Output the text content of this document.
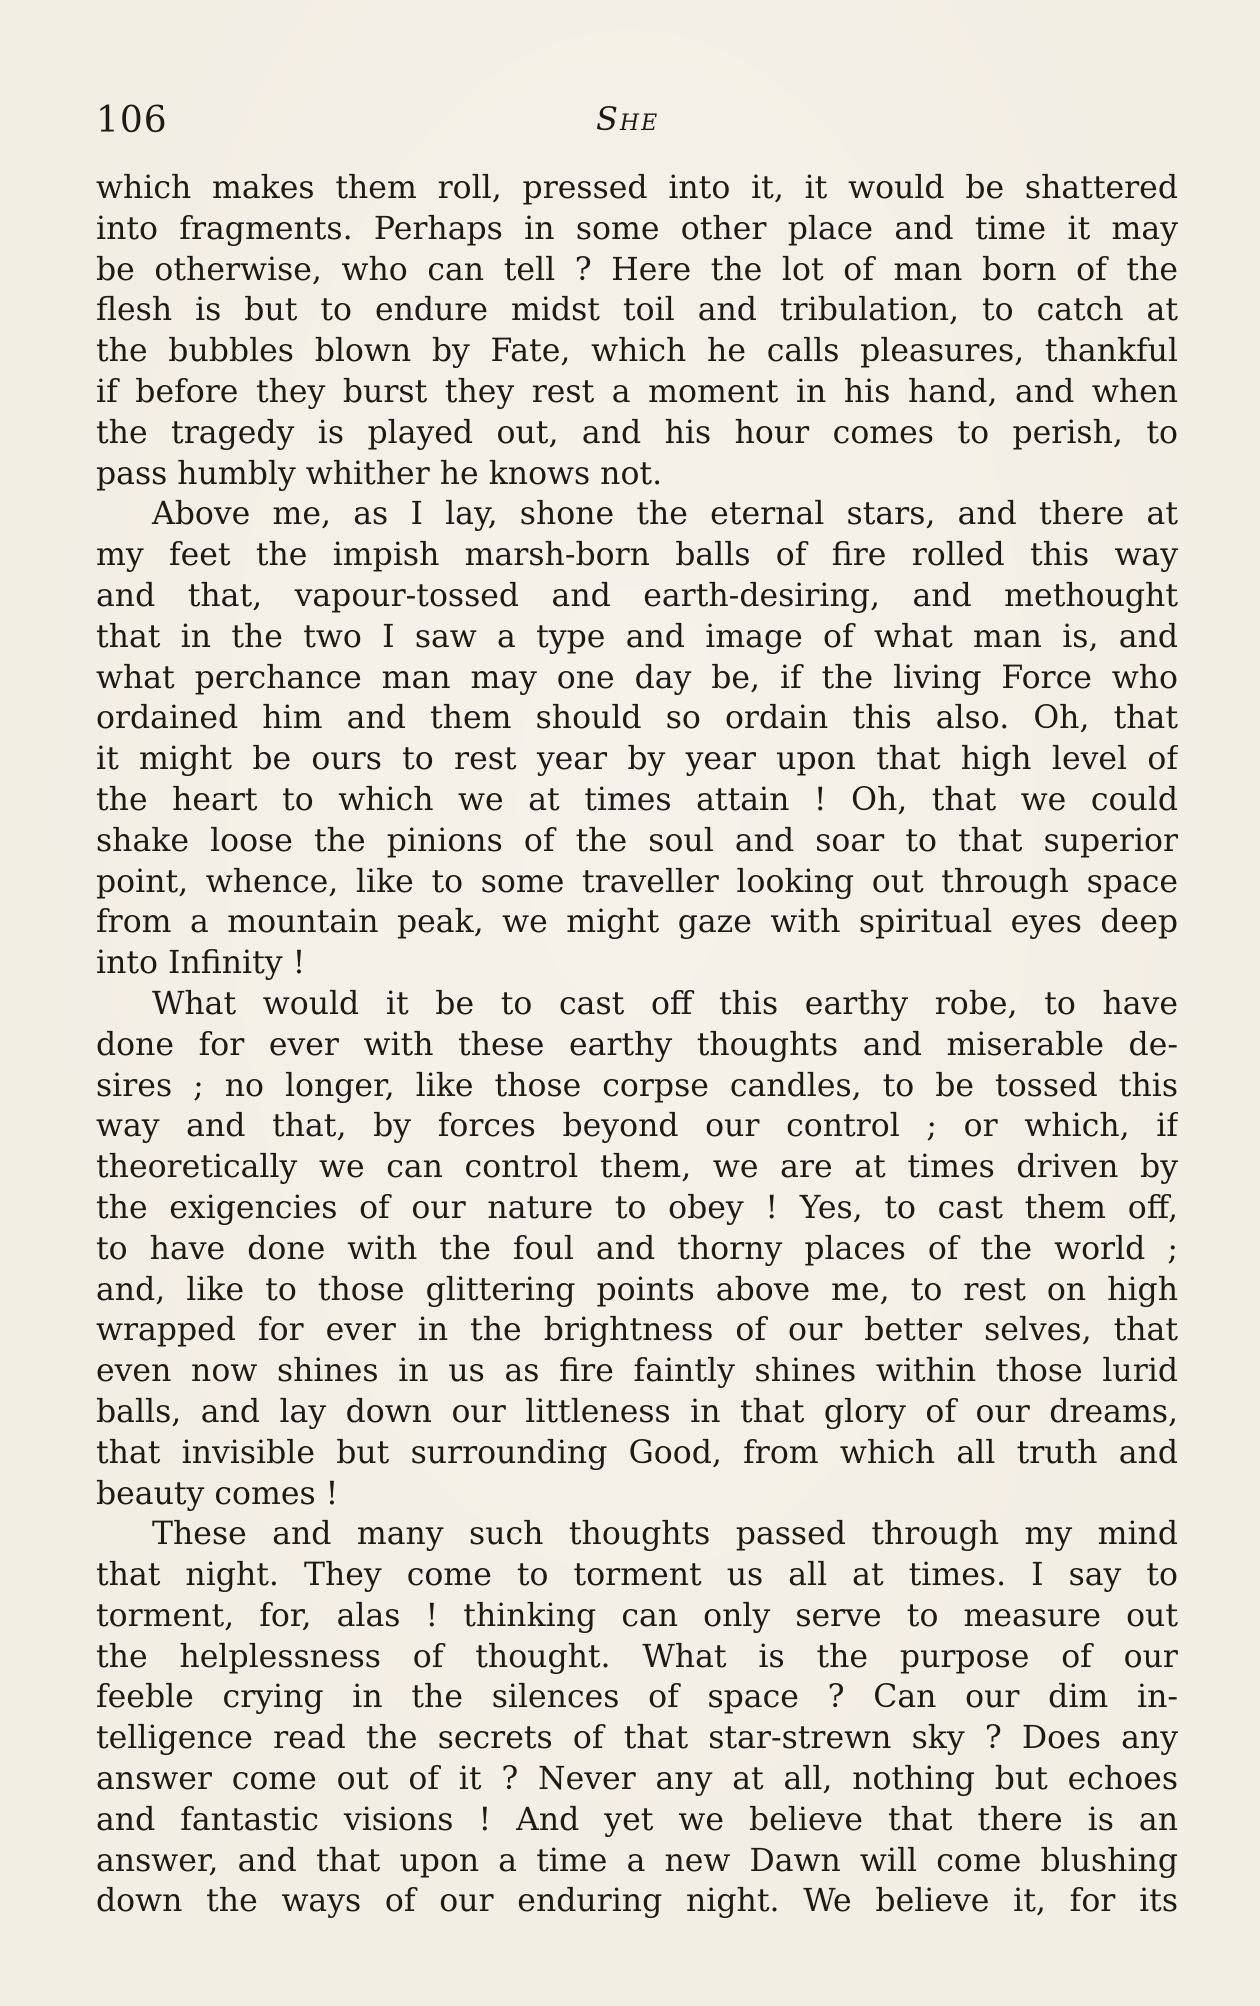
106	She
which makes them roll, pressed into it, it would be shattered
into fragments. Perhaps in some other place and time it may
be otherwise, who can tell ? Here the lot of man born of the
flesh is but to endure midst toil and tribulation, to catch at
the bubbles blown by Fate, which he calls pleasures, thankful
if before they burst they rest a moment in his hand, and when
the tragedy is played out, and his hour comes to perish, to
pass humbly whither he knows not.
Above me, as I lay, shone the eternal stars, and there at
my feet the impish marsh-born balls of fire rolled this way
and that, vapour-tossed and earth-desiring, and methought
that in the two I saw a type and image of what man is, and
what perchance man may one day be, if the living Force who
ordained him and them should so ordain this also. Oh, that
it might be ours to rest year by year upon that high level of
the heart to which we at times attain ! Oh, that we could
shake loose the pinions of the soul and soar to that superior
point, whence, like to some traveller looking out through space
from a mountain peak, we might gaze with spiritual eyes deep
into Infinity !
What would it be to cast off this earthy robe, to have
done for ever with these earthy thoughts and miserable de-
sires ; no longer, like those corpse candles, to be tossed this
way and that, by forces beyond our control ; or which, if
theoretically we can control them, we are at times driven by
the exigencies of our nature to obey ! Yes, to cast them off,
to have done with the foul and thorny places of the world ;
and, like to those glittering points above me, to rest on high
wrapped for ever in the brightness of our better selves, that
even now shines in us as fire faintly shines within those lurid
balls, and lay down our littleness in that glory of our dreams,
that invisible but surrounding Good, from which all truth and
beauty comes !
These and many such thoughts passed through my mind
that night. They come to torment us all at times. I say to
torment, for, alas ! thinking can only serve to measure out
the helplessness of thought. What is the purpose of our
feeble crying in the silences of space ? Can our dim in-
telligence read the secrets of that star-strewn sky ? Does any
answer come out of it ? Never any at all, nothing but echoes
and fantastic visions ! And yet we believe that there is an
answer, and that upon a time a new Dawn will come blushing
down the ways of our enduring night. We believe it, for its
